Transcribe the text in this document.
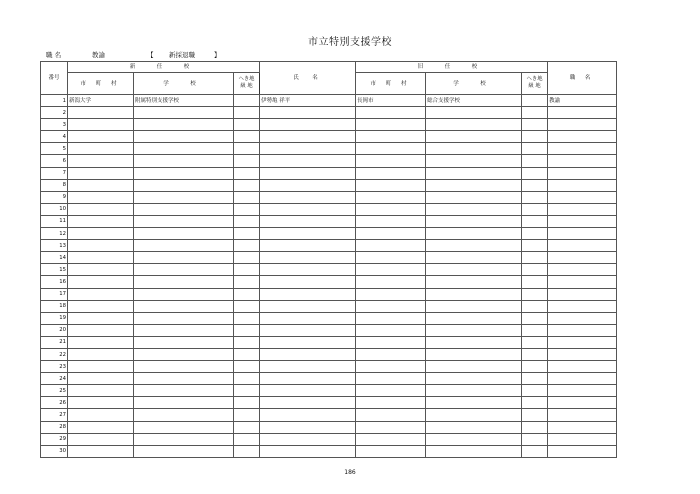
市立特別支援学校
職 名	教諭	【 新採退職	】
番号	新　任　校			氏　名	旧　任　校			職 名
	市 町 村	学　校	へき地 級 地		市 町 村	学　校	へき地 級 地	
1	新潟大学	附属特別支援学校		伊勢亀 祥平	長岡市	総合支援学校		教諭
2								
3								
4								
5								
6								
7								
8								
9								
10								
11								
12								
13								
14								
15								
16								
17								
18								
19								
20								
21								
22								
23								
24								
25								
26								
27								
28								
29								
30								
186
